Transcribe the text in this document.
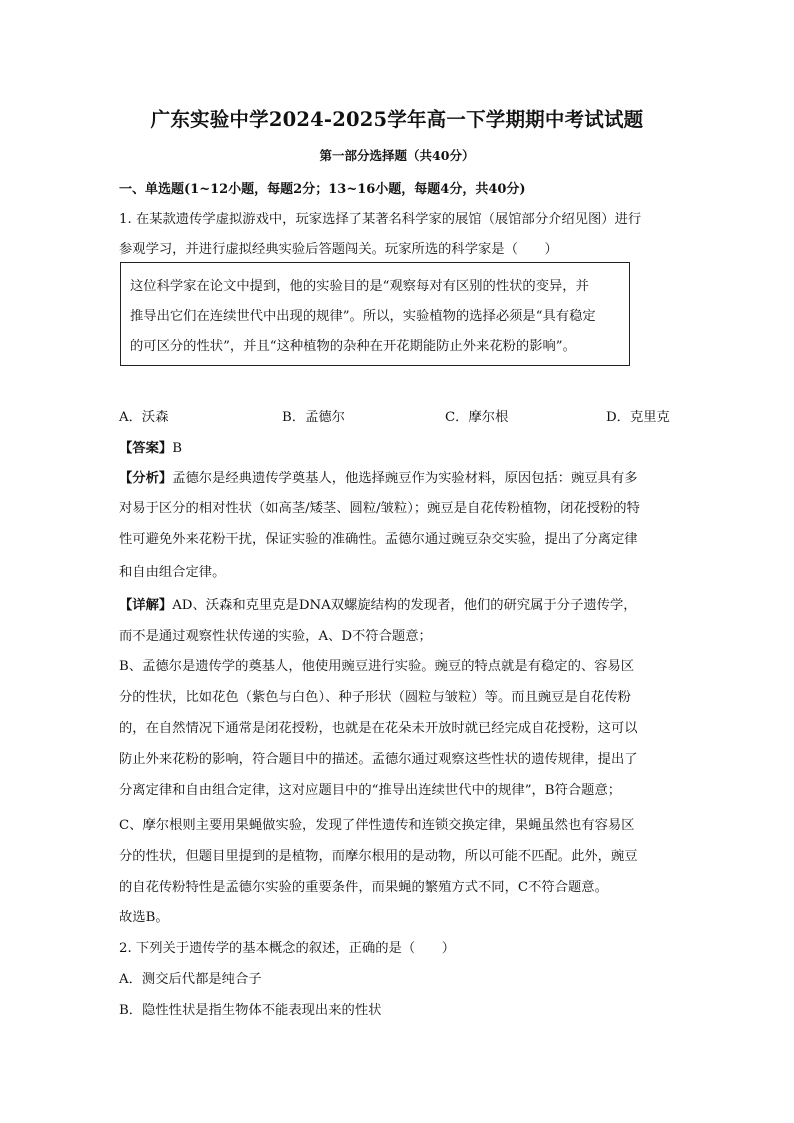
广东实验中学2024-2025学年高一下学期期中考试试题
第一部分选择题（共40分）
一、单选题(1~12小题，每题2分；13~16小题，每题4分，共40分)
1. 在某款遗传学虚拟游戏中，玩家选择了某著名科学家的展馆（展馆部分介绍见图）进行
参观学习，并进行虚拟经典实验后答题闯关。玩家所选的科学家是（　　）
这位科学家在论文中提到，他的实验目的是“观察每对有区别的性状的变异，并
推导出它们在连续世代中出现的规律”。所以，实验植物的选择必须是“具有稳定
的可区分的性状”，并且“这种植物的杂种在开花期能防止外来花粉的影响”。
A．沃森	B．孟德尔	C．摩尔根	D．克里克
【答案】B
【分析】孟德尔是经典遗传学奠基人，他选择豌豆作为实验材料，原因包括：豌豆具有多
对易于区分的相对性状（如高茎/矮茎、圆粒/皱粒）；豌豆是自花传粉植物，闭花授粉的特
性可避免外来花粉干扰，保证实验的准确性。孟德尔通过豌豆杂交实验，提出了分离定律
和自由组合定律。
【详解】AD、沃森和克里克是DNA双螺旋结构的发现者，他们的研究属于分子遗传学，
而不是通过观察性状传递的实验，A、D不符合题意；
B、孟德尔是遗传学的奠基人，他使用豌豆进行实验。豌豆的特点就是有稳定的、容易区
分的性状，比如花色（紫色与白色）、种子形状（圆粒与皱粒）等。而且豌豆是自花传粉
的，在自然情况下通常是闭花授粉，也就是在花朵未开放时就已经完成自花授粉，这可以
防止外来花粉的影响，符合题目中的描述。孟德尔通过观察这些性状的遗传规律，提出了
分离定律和自由组合定律，这对应题目中的“推导出连续世代中的规律”，B符合题意；
C、摩尔根则主要用果蝇做实验，发现了伴性遗传和连锁交换定律，果蝇虽然也有容易区
分的性状，但题目里提到的是植物，而摩尔根用的是动物，所以可能不匹配。此外，豌豆
的自花传粉特性是孟德尔实验的重要条件，而果蝇的繁殖方式不同，C不符合题意。
故选B。
2. 下列关于遗传学的基本概念的叙述，正确的是（　　）
A．测交后代都是纯合子
B．隐性性状是指生物体不能表现出来的性状
